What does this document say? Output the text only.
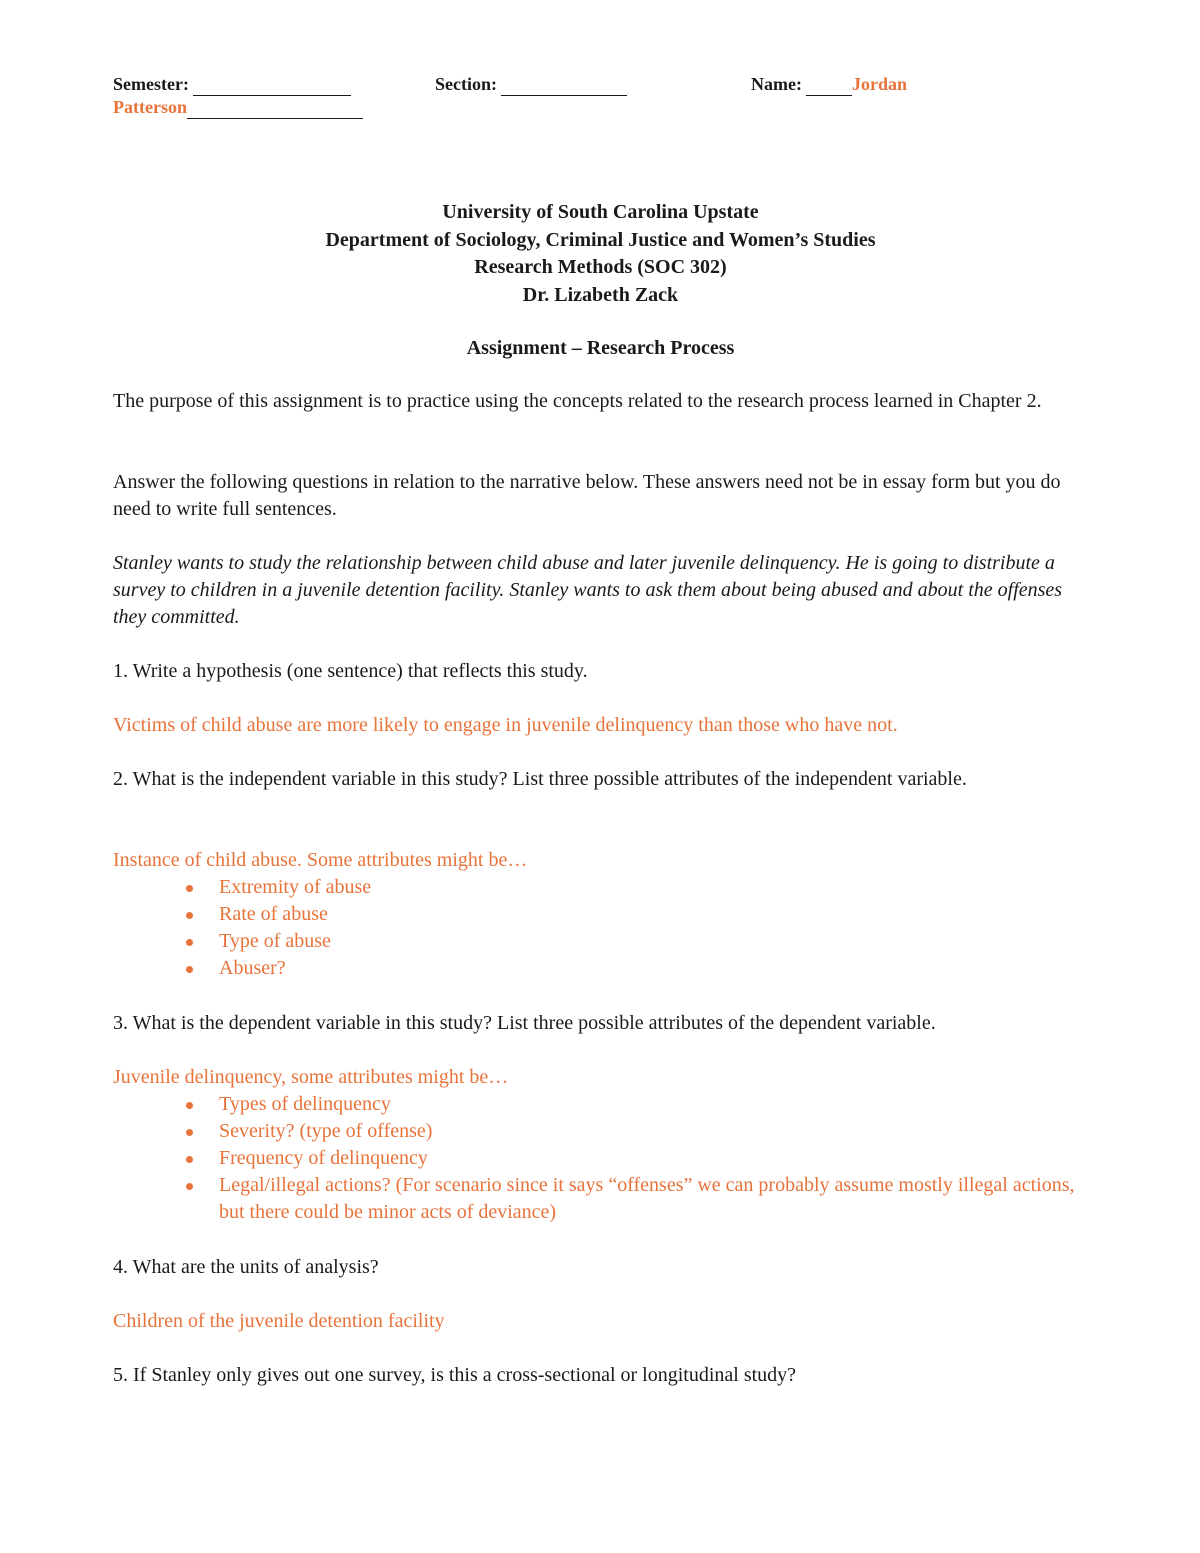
Semester:	Section:	Name:	Jordan
Patterson
University of South Carolina Upstate
Department of Sociology, Criminal Justice and Women’s Studies
Research Methods (SOC 302)
Dr. Lizabeth Zack
Assignment – Research Process
The purpose of this assignment is to practice using the concepts related to the research process learned in Chapter 2.
Answer the following questions in relation to the narrative below. These answers need not be in essay form but you do need to write full sentences.
Stanley wants to study the relationship between child abuse and later juvenile delinquency. He is going to distribute a survey to children in a juvenile detention facility. Stanley wants to ask them about being abused and about the offenses they committed.
1. Write a hypothesis (one sentence) that reflects this study.
Victims of child abuse are more likely to engage in juvenile delinquency than those who have not.
2. What is the independent variable in this study? List three possible attributes of the independent variable.
Instance of child abuse. Some attributes might be…
Extremity of abuse
Rate of abuse
Type of abuse
Abuser?
3. What is the dependent variable in this study? List three possible attributes of the dependent variable.
Juvenile delinquency, some attributes might be…
Types of delinquency
Severity? (type of offense)
Frequency of delinquency
Legal/illegal actions? (For scenario since it says “offenses” we can probably assume mostly illegal actions, but there could be minor acts of deviance)
4. What are the units of analysis?
Children of the juvenile detention facility
5. If Stanley only gives out one survey, is this a cross-sectional or longitudinal study?
